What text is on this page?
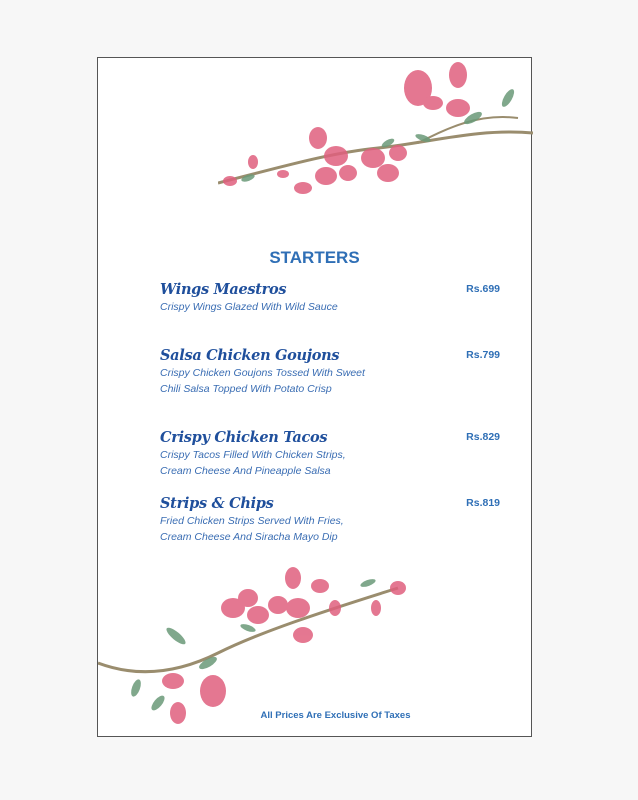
STARTERS
Wings Maestros
Crispy Wings Glazed With Wild Sauce
Rs.699
Salsa Chicken Goujons
Crispy Chicken Goujons Tossed With Sweet
Chili Salsa Topped With Potato Crisp
Rs.799
Crispy Chicken Tacos
Crispy Tacos Filled With Chicken Strips,
Cream Cheese And Pineapple Salsa
Rs.829
Strips & Chips
Fried Chicken Strips Served With Fries,
Cream Cheese And Siracha Mayo Dip
Rs.819
All Prices Are Exclusive Of Taxes
